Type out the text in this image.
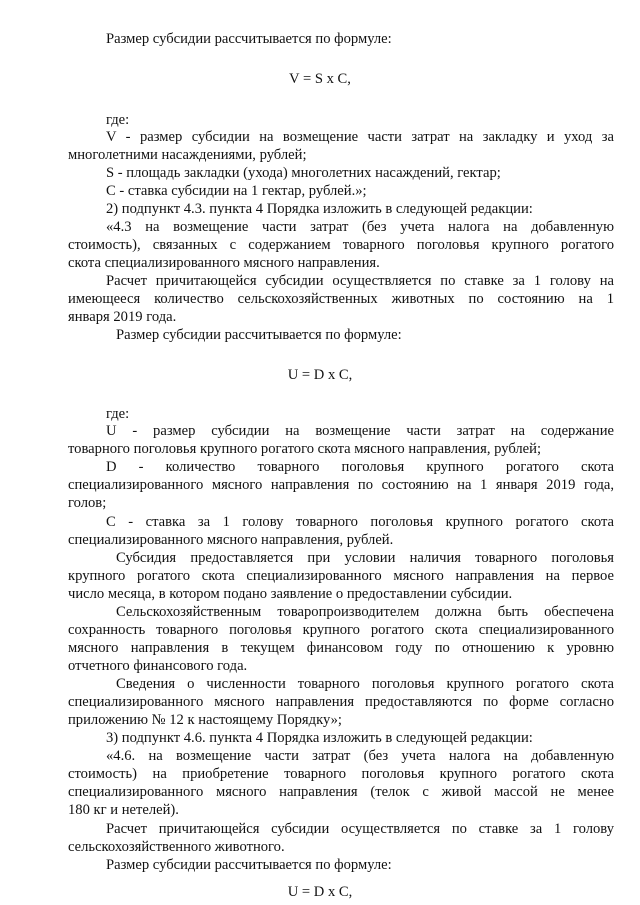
Размер субсидии рассчитывается по формуле:
V = S x C,
где:
V - размер субсидии на возмещение части затрат на закладку и уход за
многолетними насаждениями, рублей;
S - площадь закладки (ухода) многолетних насаждений, гектар;
С - ставка субсидии на 1 гектар, рублей.»;
2) подпункт 4.3. пункта 4 Порядка изложить в следующей редакции:
«4.3 на возмещение части затрат (без учета налога на добавленную
стоимость), связанных с содержанием товарного поголовья крупного рогатого
скота специализированного мясного направления.
Расчет причитающейся субсидии осуществляется по ставке за 1 голову на
имеющееся количество сельскохозяйственных животных по состоянию на 1
января 2019 года.
Размер субсидии рассчитывается по формуле:
U = D x C,
где:
U - размер субсидии на возмещение части затрат на содержание
товарного поголовья крупного рогатого скота мясного направления, рублей;
D - количество товарного поголовья крупного рогатого скота
специализированного мясного направления по состоянию на 1 января 2019 года,
голов;
С - ставка за 1 голову товарного поголовья крупного рогатого скота
специализированного мясного направления, рублей.
Субсидия предоставляется при условии наличия товарного поголовья
крупного рогатого скота специализированного мясного направления на первое
число месяца, в котором подано заявление о предоставлении субсидии.
Сельскохозяйственным товаропроизводителем должна быть обеспечена
сохранность товарного поголовья крупного рогатого скота специализированного
мясного направления в текущем финансовом году по отношению к уровню
отчетного финансового года.
Сведения о численности товарного поголовья крупного рогатого скота
специализированного мясного направления предоставляются по форме согласно
приложению № 12 к настоящему Порядку»;
3) подпункт 4.6. пункта 4 Порядка изложить в следующей редакции:
«4.6. на возмещение части затрат (без учета налога на добавленную
стоимость) на приобретение товарного поголовья крупного рогатого скота
специализированного мясного направления (телок с живой массой не менее
180 кг и нетелей).
Расчет причитающейся субсидии осуществляется по ставке за 1 голову
сельскохозяйственного животного.
Размер субсидии рассчитывается по формуле:
U = D x C,
